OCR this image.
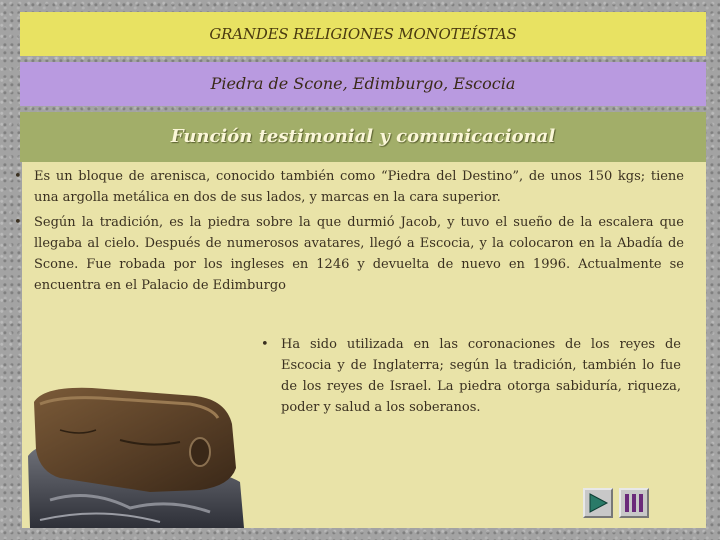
GRANDES RELIGIONES MONOTEÍSTAS
Piedra de Scone, Edimburgo, Escocia
Función testimonial y comunicacional
• Es un bloque de arenisca, conocido también como “Piedra del Destino”, de unos 150 kgs; tiene una argolla metálica en dos de sus lados, y marcas en la cara superior.
• Según la tradición, es la piedra sobre la que durmió Jacob, y tuvo el sueño de la escalera que llegaba al cielo. Después de numerosos avatares, llegó a Escocia, y la colocaron en la Abadía de Scone. Fue robada por los ingleses en 1246 y devuelta de nuevo en 1996. Actualmente se encuentra en el Palacio de Edimburgo
• Ha sido utilizada en las coronaciones de los reyes de Escocia y de Inglaterra; según la tradición, también lo fue de los reyes de Israel. La piedra otorga sabiduría, riqueza, poder y salud a los soberanos.
